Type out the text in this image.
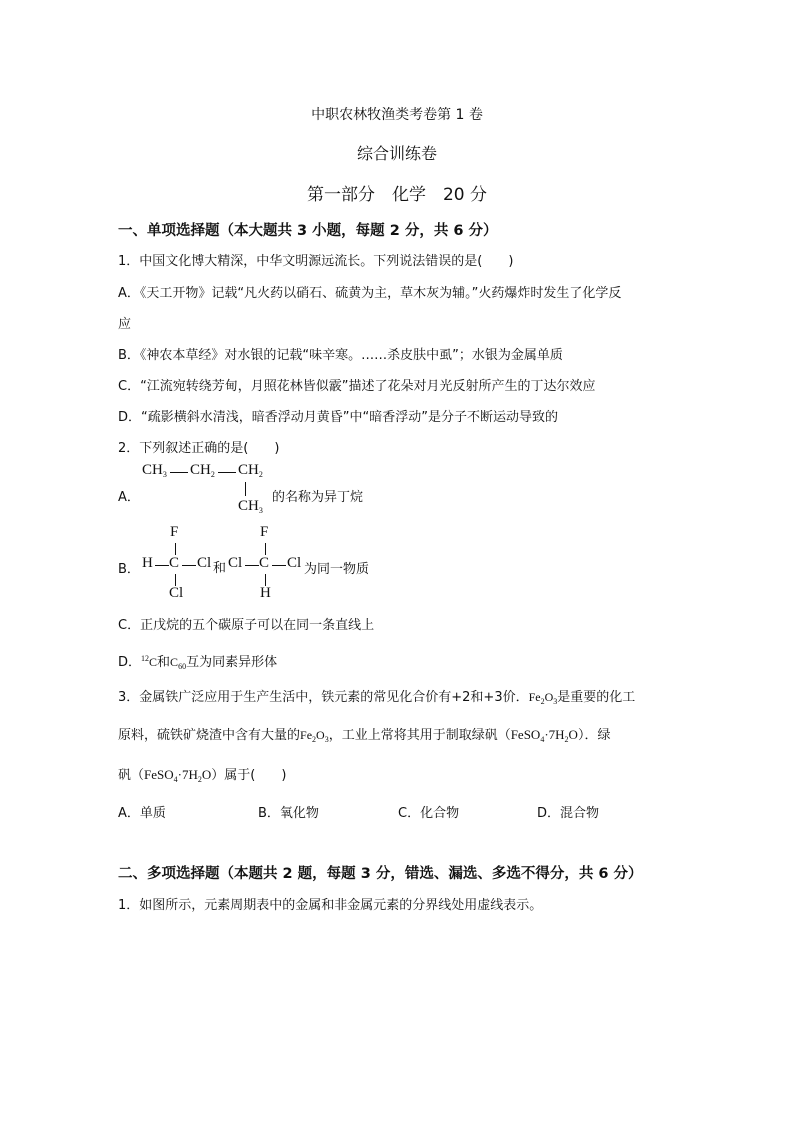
中职农林牧渔类考卷第 1 卷
综合训练卷
第一部分　化学　20 分
一、单项选择题（本大题共 3 小题，每题 2 分，共 6 分）
1．中国文化博大精深，中华文明源远流长。下列说法错误的是(　　)
A．《天工开物》记载“凡火药以硝石、硫黄为主，草木灰为辅。”火药爆炸时发生了化学反
应
B．《神农本草经》对水银的记载“味辛寒。……杀皮肤中虱”；水银为金属单质
C．“江流宛转绕芳甸，月照花林皆似霰”描述了花朵对月光反射所产生的丁达尔效应
D．“疏影横斜水清浅，暗香浮动月黄昏”中“暗香浮动”是分子不断运动导致的
2．下列叙述正确的是(　　)
A．
$CH_3$ $CH_2$ $CH_2$
$CH_3$
的名称为异丁烷
B．
F
H C Cl
Cl
和
F
Cl C Cl
H
为同一物质
C．正戊烷的五个碳原子可以在同一条直线上
D．$^{12}$C和$C_{60}$互为同素异形体
3．金属铁广泛应用于生产生活中，铁元素的常见化合价有+2和+3价．$Fe_2O_3$是重要的化工
原料，硫铁矿烧渣中含有大量的$Fe_2O_3$，工业上常将其用于制取绿矾$(FeSO_4\cdot 7H_2O)$．绿
矾$(FeSO_4\cdot 7H_2O)$属于(　　)
A．单质	B．氧化物	C．化合物	D．混合物
二、多项选择题（本题共 2 题，每题 3 分，错选、漏选、多选不得分，共 6 分）
1．如图所示，元素周期表中的金属和非金属元素的分界线处用虚线表示。
